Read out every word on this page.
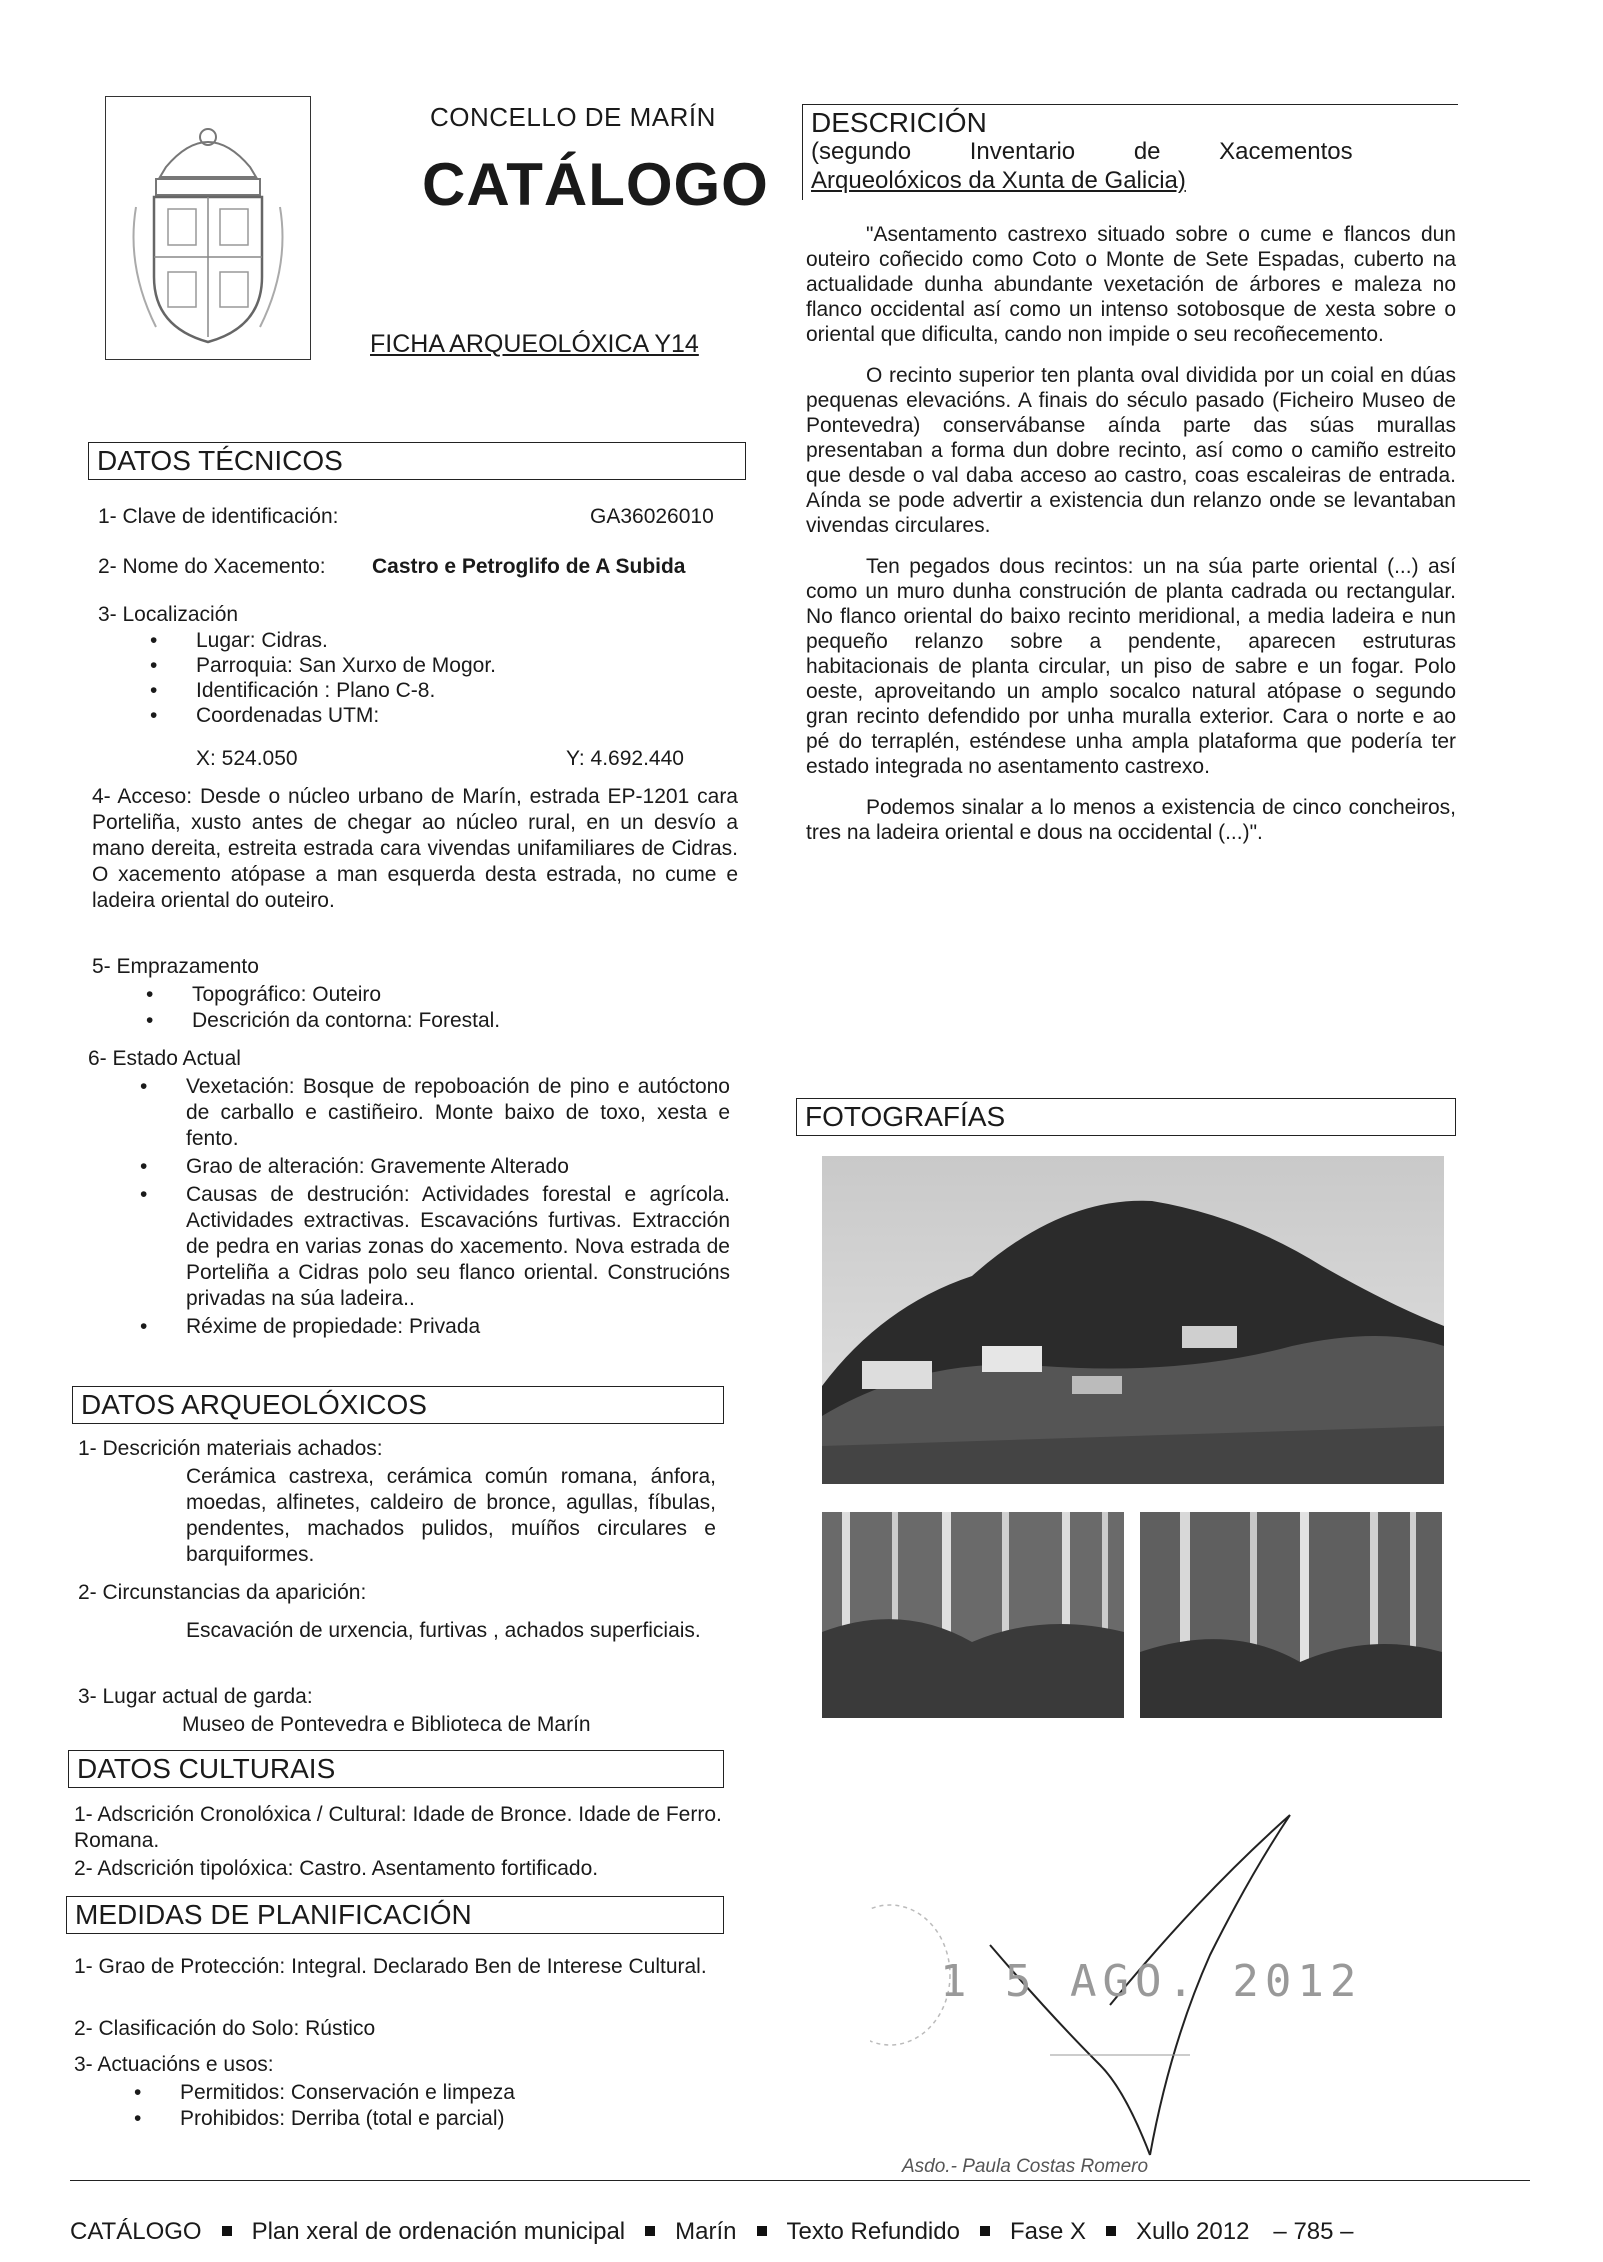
CONCELLO DE MARÍN
CATÁLOGO
FICHA ARQUEOLÓXICA Y14
DATOS TÉCNICOS
1- Clave de identificación:	GA36026010
2- Nome do Xacemento: Castro e Petroglifo de A Subida
3- Localización
• Lugar: Cidras.
• Parroquia: San Xurxo de Mogor.
• Identificación : Plano C-8.
• Coordenadas UTM:
X: 524.050	Y: 4.692.440
4- Acceso: Desde o núcleo urbano de Marín, estrada EP-1201 cara Porteliña, xusto antes de chegar ao núcleo rural, en un desvío a mano dereita, estreita estrada cara vivendas unifamiliares de Cidras. O xacemento atópase a man esquerda desta estrada, no cume e ladeira oriental do outeiro.
5- Emprazamento
• Topográfico: Outeiro
• Descrición da contorna: Forestal.
6- Estado Actual
• Vexetación: Bosque de repoboación de pino e autóctono de carballo e castiñeiro. Monte baixo de toxo, xesta e fento.
• Grao de alteración: Gravemente Alterado
• Causas de destrución: Actividades forestal e agrícola. Actividades extractivas. Escavacións furtivas. Extracción de pedra en varias zonas do xacemento. Nova estrada de Porteliña a Cidras polo seu flanco oriental. Construcións privadas na súa ladeira..
• Réxime de propiedade: Privada
DATOS ARQUEOLÓXICOS
1- Descrición materiais achados:
Cerámica castrexa, cerámica común romana, ánfora, moedas, alfinetes, caldeiro de bronce, agullas, fíbulas, pendentes, machados pulidos, muíños circulares e barquiformes.
2- Circunstancias da aparición:
Escavación de urxencia, furtivas , achados superficiais.
3- Lugar actual de garda:
Museo de Pontevedra e Biblioteca de Marín
DATOS CULTURAIS
1- Adscrición Cronolóxica / Cultural: Idade de Bronce. Idade de Ferro. Romana.
2- Adscrición tipolóxica: Castro. Asentamento fortificado.
MEDIDAS DE PLANIFICACIÓN
1- Grao de Protección: Integral. Declarado Ben de Interese Cultural.
2- Clasificación do Solo: Rústico
3- Actuacións e usos:
• Permitidos: Conservación e limpeza
• Prohibidos: Derriba (total e parcial)
DESCRICIÓN
(segundo Inventario de Xacementos
Arqueolóxicos da Xunta de Galicia)

"Asentamento castrexo situado sobre o cume e flancos dun outeiro coñecido como Coto o Monte de Sete Espadas, cuberto na actualidade dunha abundante vexetación de árbores e maleza no flanco occidental así como un intenso sotobosque de xesta sobre o oriental que dificulta, cando non impide o seu recoñecemento.

O recinto superior ten planta oval dividida por un coial en dúas pequenas elevacións. A finais do século pasado (Ficheiro Museo de Pontevedra) conservábanse aínda parte das súas murallas presentaban a forma dun dobre recinto, así como o camiño estreito que desde o val daba acceso ao castro, coas escaleiras de entrada. Aínda se pode advertir a existencia dun relanzo onde se levantaban vivendas circulares.

Ten pegados dous recintos: un na súa parte oriental (...) así como un muro dunha construción de planta cadrada ou rectangular. No flanco oriental do baixo recinto meridional, a media ladeira e nun pequeño relanzo sobre a pendente, aparecen estruturas habitacionais de planta circular, un piso de sabre e un fogar. Polo oeste, aproveitando un amplo socalco natural atópase o segundo gran recinto defendido por unha muralla exterior. Cara o norte e ao pé do terraplén, esténdese unha ampla plataforma que podería ter estado integrada no asentamento castrexo.

Podemos sinalar a lo menos a existencia de cinco concheiros, tres na ladeira oriental e dous na occidental (...)".

FOTOGRAFÍAS
1 5 AGO. 2012
Asdo.- Paula Costas Romero
CATÁLOGO Plan xeral de ordenación municipal Marín Texto Refundido Fase X Xullo 2012 – 785 –
